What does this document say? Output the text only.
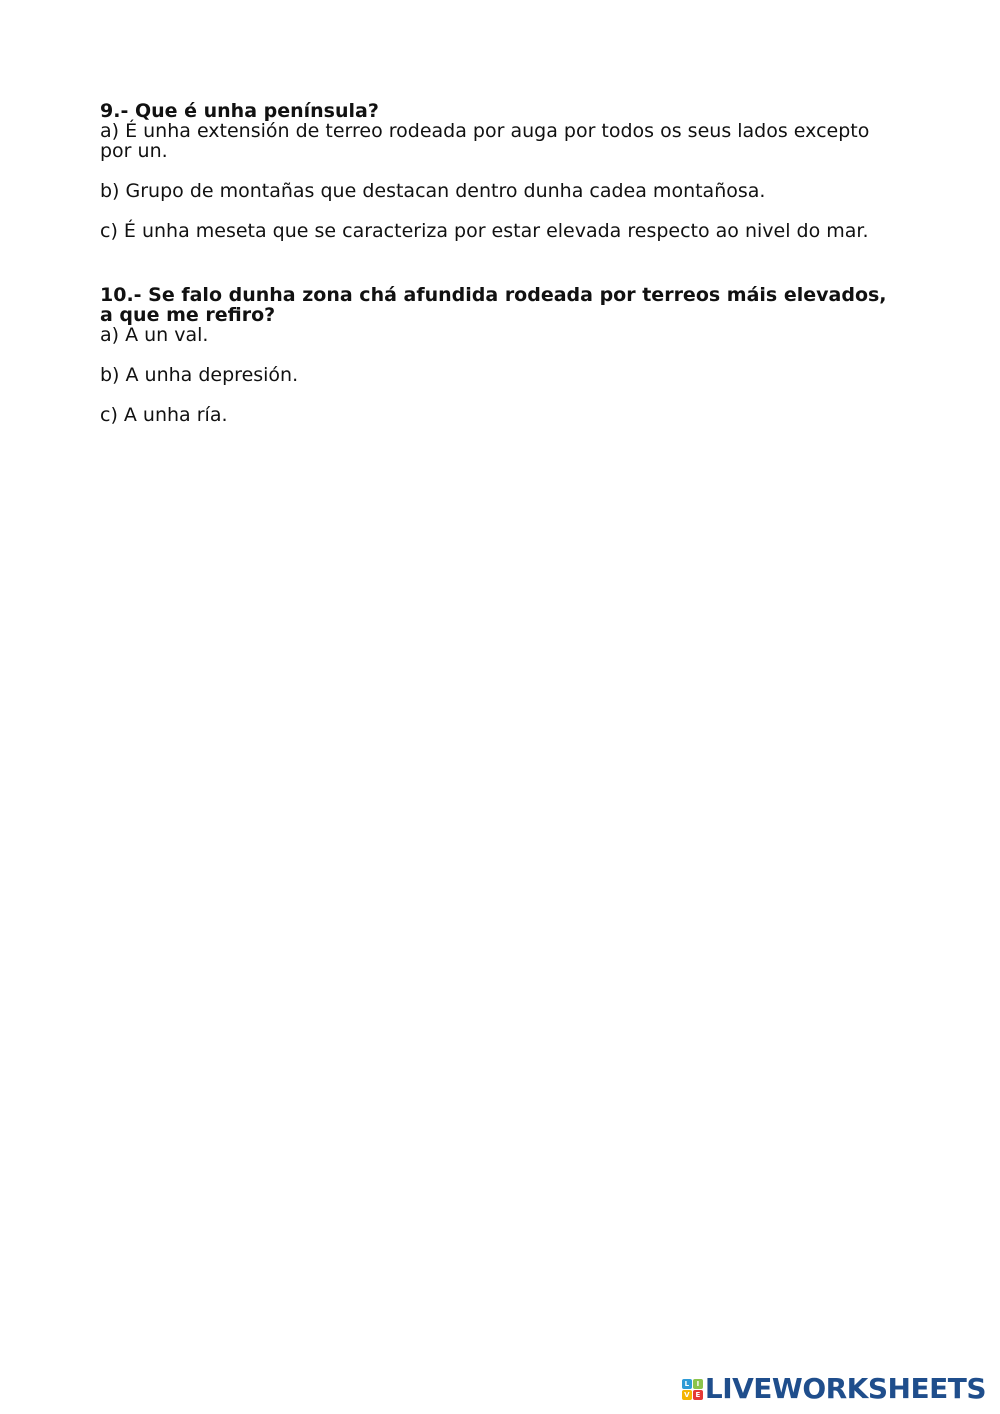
9.- Que é unha península?

a) É unha extensión de terreo rodeada por auga por todos os seus lados excepto por un.

b) Grupo de montañas que destacan dentro dunha cadea montañosa.

c) É unha meseta que se caracteriza por estar elevada respecto ao nivel do mar.

10.- Se falo dunha zona chá afundida rodeada por terreos máis elevados, a que me refiro?

a) A un val.

b) A unha depresión.

c) A unha ría.

L	I
V E LIVEWORKSHEETS
